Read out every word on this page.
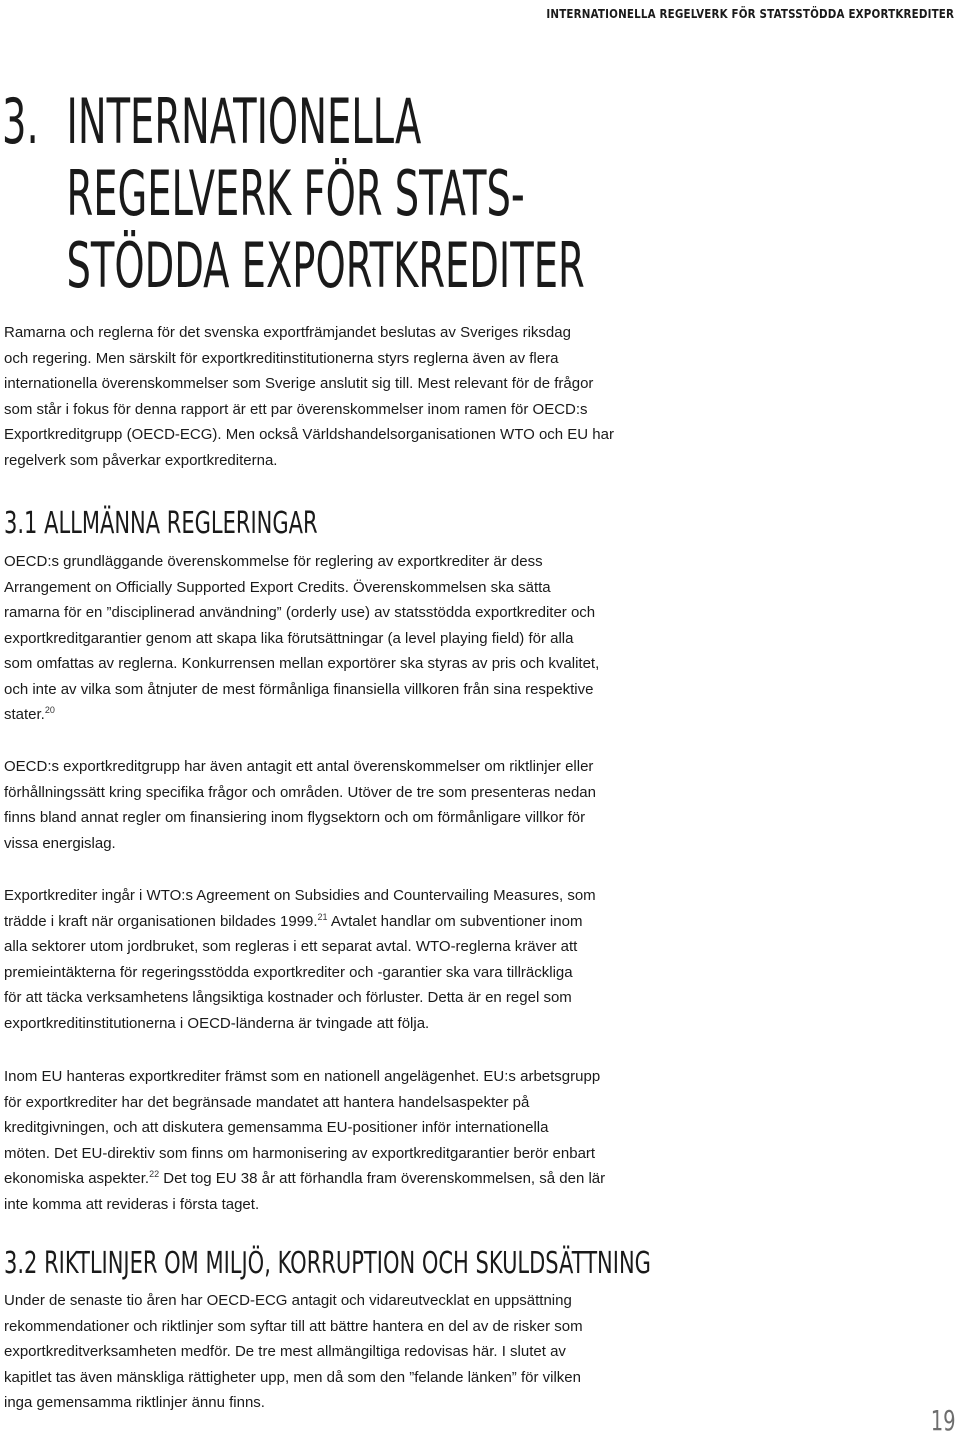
INTERNATIONELLA REGELVERK FÖR STATSSTÖDDA EXPORTKREDITER
3. INTERNATIONELLA
REGELVERK FÖR STATS-
STÖDDA EXPORTKREDITER

Ramarna och reglerna för det svenska exportfrämjandet beslutas av Sveriges riksdag
och regering. Men särskilt för exportkreditinstitutionerna styrs reglerna även av flera
internationella överenskommelser som Sverige anslutit sig till. Mest relevant för de frågor
som står i fokus för denna rapport är ett par överenskommelser inom ramen för OECD:s
Exportkreditgrupp (OECD-ECG). Men också Världshandelsorganisationen WTO och EU har
regelverk som påverkar exportkrediterna.

3.1 ALLMÄNNA REGLERINGAR

OECD:s grundläggande överenskommelse för reglering av exportkrediter är dess
Arrangement on Officially Supported Export Credits. Överenskommelsen ska sätta
ramarna för en ”disciplinerad användning” (orderly use) av statsstödda exportkrediter och
exportkreditgarantier genom att skapa lika förutsättningar (a level playing field) för alla
som omfattas av reglerna. Konkurrensen mellan exportörer ska styras av pris och kvalitet,
och inte av vilka som åtnjuter de mest förmånliga finansiella villkoren från sina respektive
stater.$^{20}$

OECD:s exportkreditgrupp har även antagit ett antal överenskommelser om riktlinjer eller
förhållningssätt kring specifika frågor och områden. Utöver de tre som presenteras nedan
finns bland annat regler om finansiering inom flygsektorn och om förmånligare villkor för
vissa energislag.

Exportkrediter ingår i WTO:s Agreement on Subsidies and Countervailing Measures, som
trädde i kraft när organisationen bildades 1999.21 Avtalet handlar om subventioner inom
alla sektorer utom jordbruket, som regleras i ett separat avtal. WTO-reglerna kräver att
premieintäkterna för regeringsstödda exportkrediter och -garantier ska vara tillräckliga
för att täcka verksamhetens långsiktiga kostnader och förluster. Detta är en regel som
exportkreditinstitutionerna i OECD-länderna är tvingade att följa.

Inom EU hanteras exportkrediter främst som en nationell angelägenhet. EU:s arbetsgrupp
för exportkrediter har det begränsade mandatet att hantera handelsaspekter på
kreditgivningen, och att diskutera gemensamma EU-positioner inför internationella
möten. Det EU-direktiv som finns om harmonisering av exportkreditgarantier berör enbart
ekonomiska aspekter.$^{22}$ Det tog EU 38 år att förhandla fram överenskommelsen, så den lär
inte komma att revideras i första taget.

3.2 RIKTLINJER OM MILJÖ, KORRUPTION OCH SKULDSÄTTNING

Under de senaste tio åren har OECD-ECG antagit och vidareutvecklat en uppsättning
rekommendationer och riktlinjer som syftar till att bättre hantera en del av de risker som
exportkreditverksamheten medför. De tre mest allmängiltiga redovisas här. I slutet av
kapitlet tas även mänskliga rättigheter upp, men då som den ”felande länken” för vilken
inga gemensamma riktlinjer ännu finns.

19
